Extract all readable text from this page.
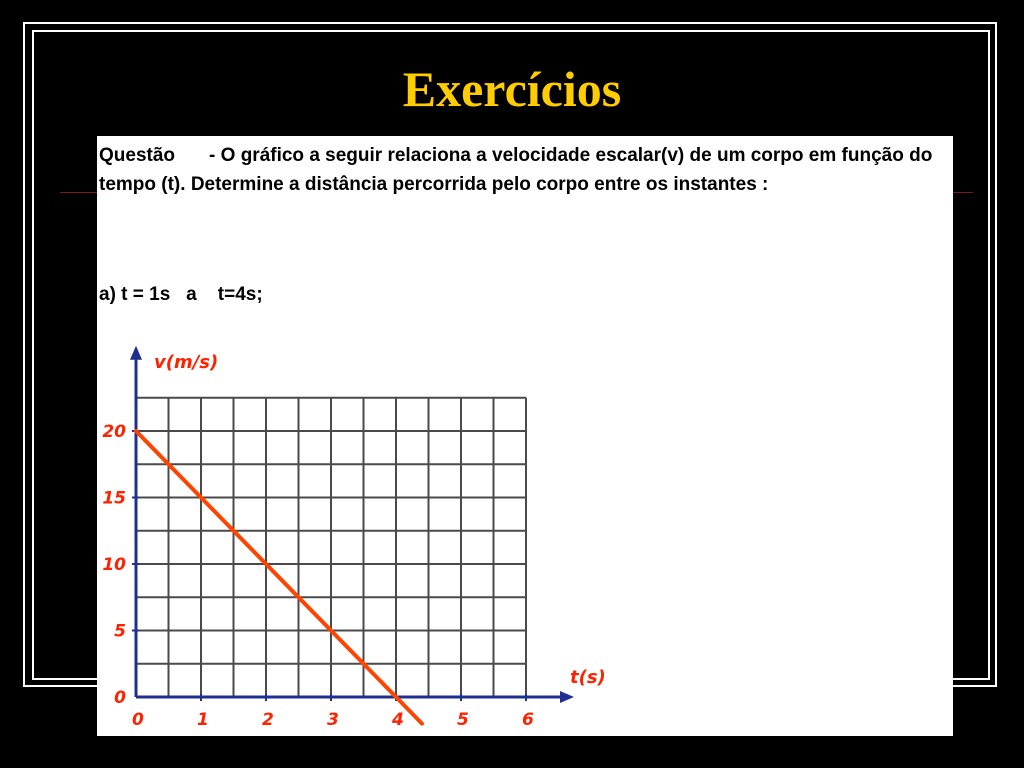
Exercícios

Questão - O gráfico a seguir relaciona a velocidade escalar(v) de um corpo em função do tempo (t). Determine a distância percorrida pelo corpo entre os instantes :

a) t = 1s   a    t=4s;
0	1	2	3	4	5	6
0
5
10
15
20
v(m/s)
t(s)
